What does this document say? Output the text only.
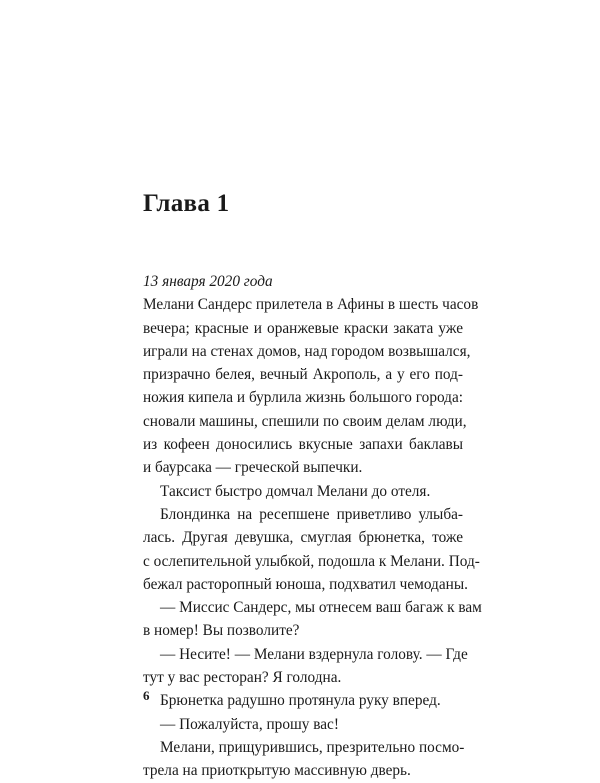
Глава 1
13 января 2020 года
Мелани Сандерс прилетела в Афины в шесть часов
вечера; красные и оранжевые краски заката уже
играли на стенах домов, над городом возвышался,
призрачно белея, вечный Акрополь, а у его под-
ножия кипела и бурлила жизнь большого города:
сновали машины, спешили по своим делам люди,
из кофеен доносились вкусные запахи баклавы
и баурсака — греческой выпечки.
Таксист быстро домчал Мелани до отеля.
Блондинка на ресепшене приветливо улыба-
лась. Другая девушка, смуглая брюнетка, тоже
с ослепительной улыбкой, подошла к Мелани. Под-
бежал расторопный юноша, подхватил чемоданы.
— Миссис Сандерс, мы отнесем ваш багаж к вам
в номер! Вы позволите?
— Несите! — Мелани вздернула голову. — Где
тут у вас ресторан? Я голодна.
Брюнетка радушно протянула руку вперед.
— Пожалуйста, прошу вас!
Мелани, прищурившись, презрительно посмо-
трела на приоткрытую массивную дверь.
6
